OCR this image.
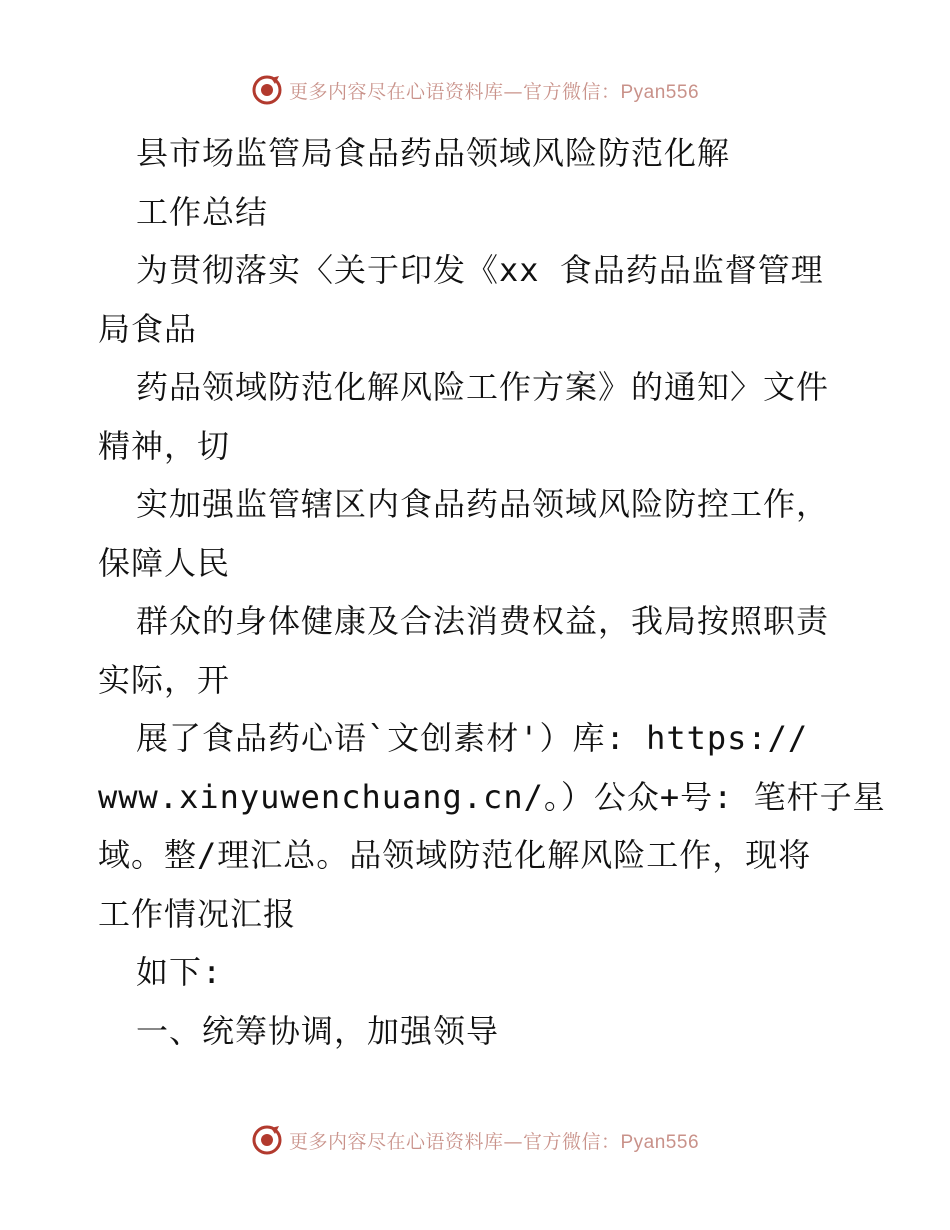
更多内容尽在心语资料库—官方微信：Pyan556
县市场监管局食品药品领域风险防范化解
工作总结
为贯彻落实〈关于印发《xx 食品药品监督管理
局食品
药品领域防范化解风险工作方案》的通知〉文件
精神，切
实加强监管辖区内食品药品领域风险防控工作，
保障人民
群众的身体健康及合法消费权益，我局按照职责
实际，开
展了食品药心语`文创素材'）库: https://
www.xinyuwenchuang.cn/。）公众+号: 笔杆子星
域。整/理汇总。品领域防范化解风险工作，现将
工作情况汇报
如下:
一、统筹协调，加强领导
更多内容尽在心语资料库—官方微信：Pyan556
